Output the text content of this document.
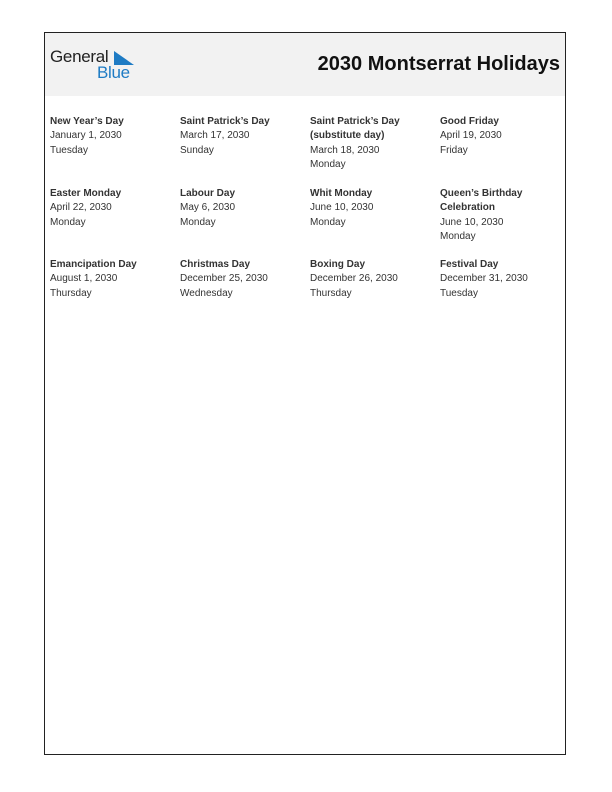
General
Blue	2030 Montserrat Holidays
New Year’s Day
January 1, 2030
Tuesday
Saint Patrick’s Day
March 17, 2030
Sunday
Saint Patrick’s Day (substitute day)
March 18, 2030
Monday
Good Friday
April 19, 2030
Friday
Easter Monday
April 22, 2030
Monday
Labour Day
May 6, 2030
Monday
Whit Monday
June 10, 2030
Monday
Queen’s Birthday Celebration
June 10, 2030
Monday
Emancipation Day
August 1, 2030
Thursday
Christmas Day
December 25, 2030
Wednesday
Boxing Day
December 26, 2030
Thursday
Festival Day
December 31, 2030
Tuesday
